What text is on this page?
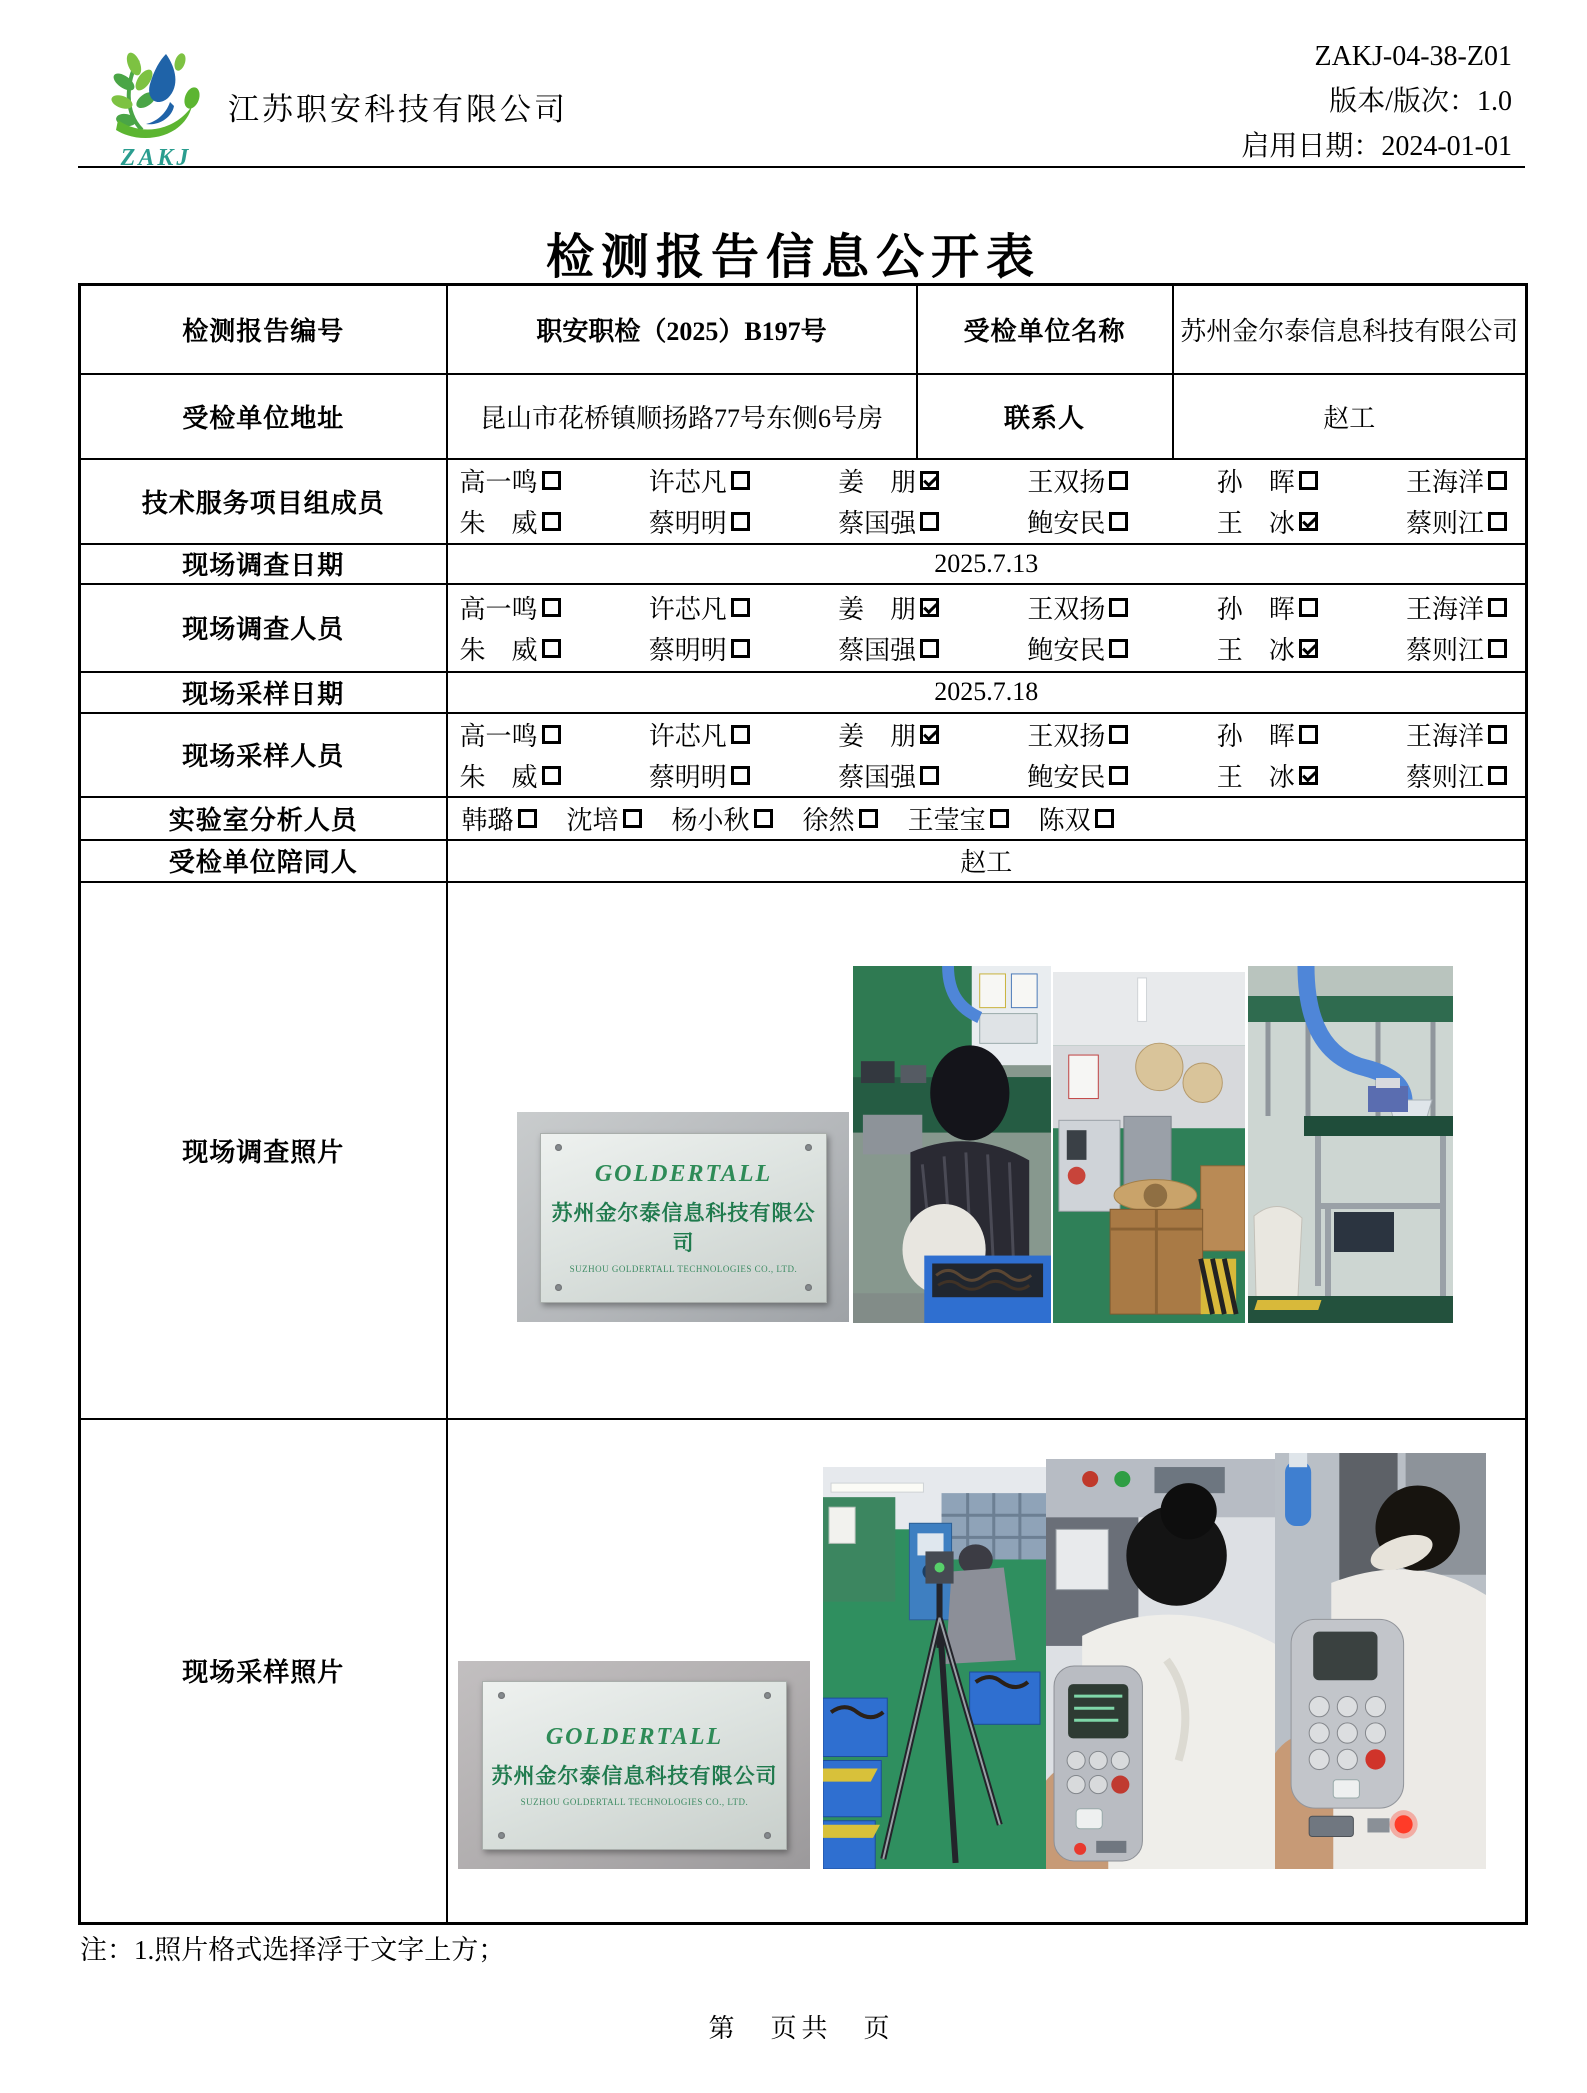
ZAKJ
江苏职安科技有限公司
ZAKJ-04-38-Z01
版本/版次：1.0
启用日期：2024-01-01
检测报告信息公开表
检测报告编号	职安职检（2025）B197号	受检单位名称	苏州金尔泰信息科技有限公司
受检单位地址	昆山市花桥镇顺扬路77号东侧6号房	联系人	赵工
技术服务项目组成员	
高一鸣	许芯凡	姜　朋	王双扬	孙　晖	王海洋
朱　威	蔡明明	蔡国强	鲍安民	王　冰	蔡则江

现场调查日期	2025.7.13		
现场调查人员	
高一鸣	许芯凡	姜　朋	王双扬	孙　晖	王海洋
朱　威	蔡明明	蔡国强	鲍安民	王　冰	蔡则江

现场采样日期	2025.7.18		
现场采样人员	
高一鸣	许芯凡	姜　朋	王双扬	孙　晖	王海洋
朱　威	蔡明明	蔡国强	鲍安民	王　冰	蔡则江

实验室分析人员	韩璐 沈培 杨小秋 徐然 王莹宝 陈双

受检单位陪同人	赵工		
现场调查照片	GOLDERTALL
苏州金尔泰信息科技有限公司
SUZHOU GOLDERTALL TECHNOLOGIES CO., LTD.		

现场采样照片	GOLDERTALL
苏州金尔泰信息科技有限公司
SUZHOU GOLDERTALL TECHNOLOGIES CO., LTD.		
注：1.照片格式选择浮于文字上方；
第　页共　页
